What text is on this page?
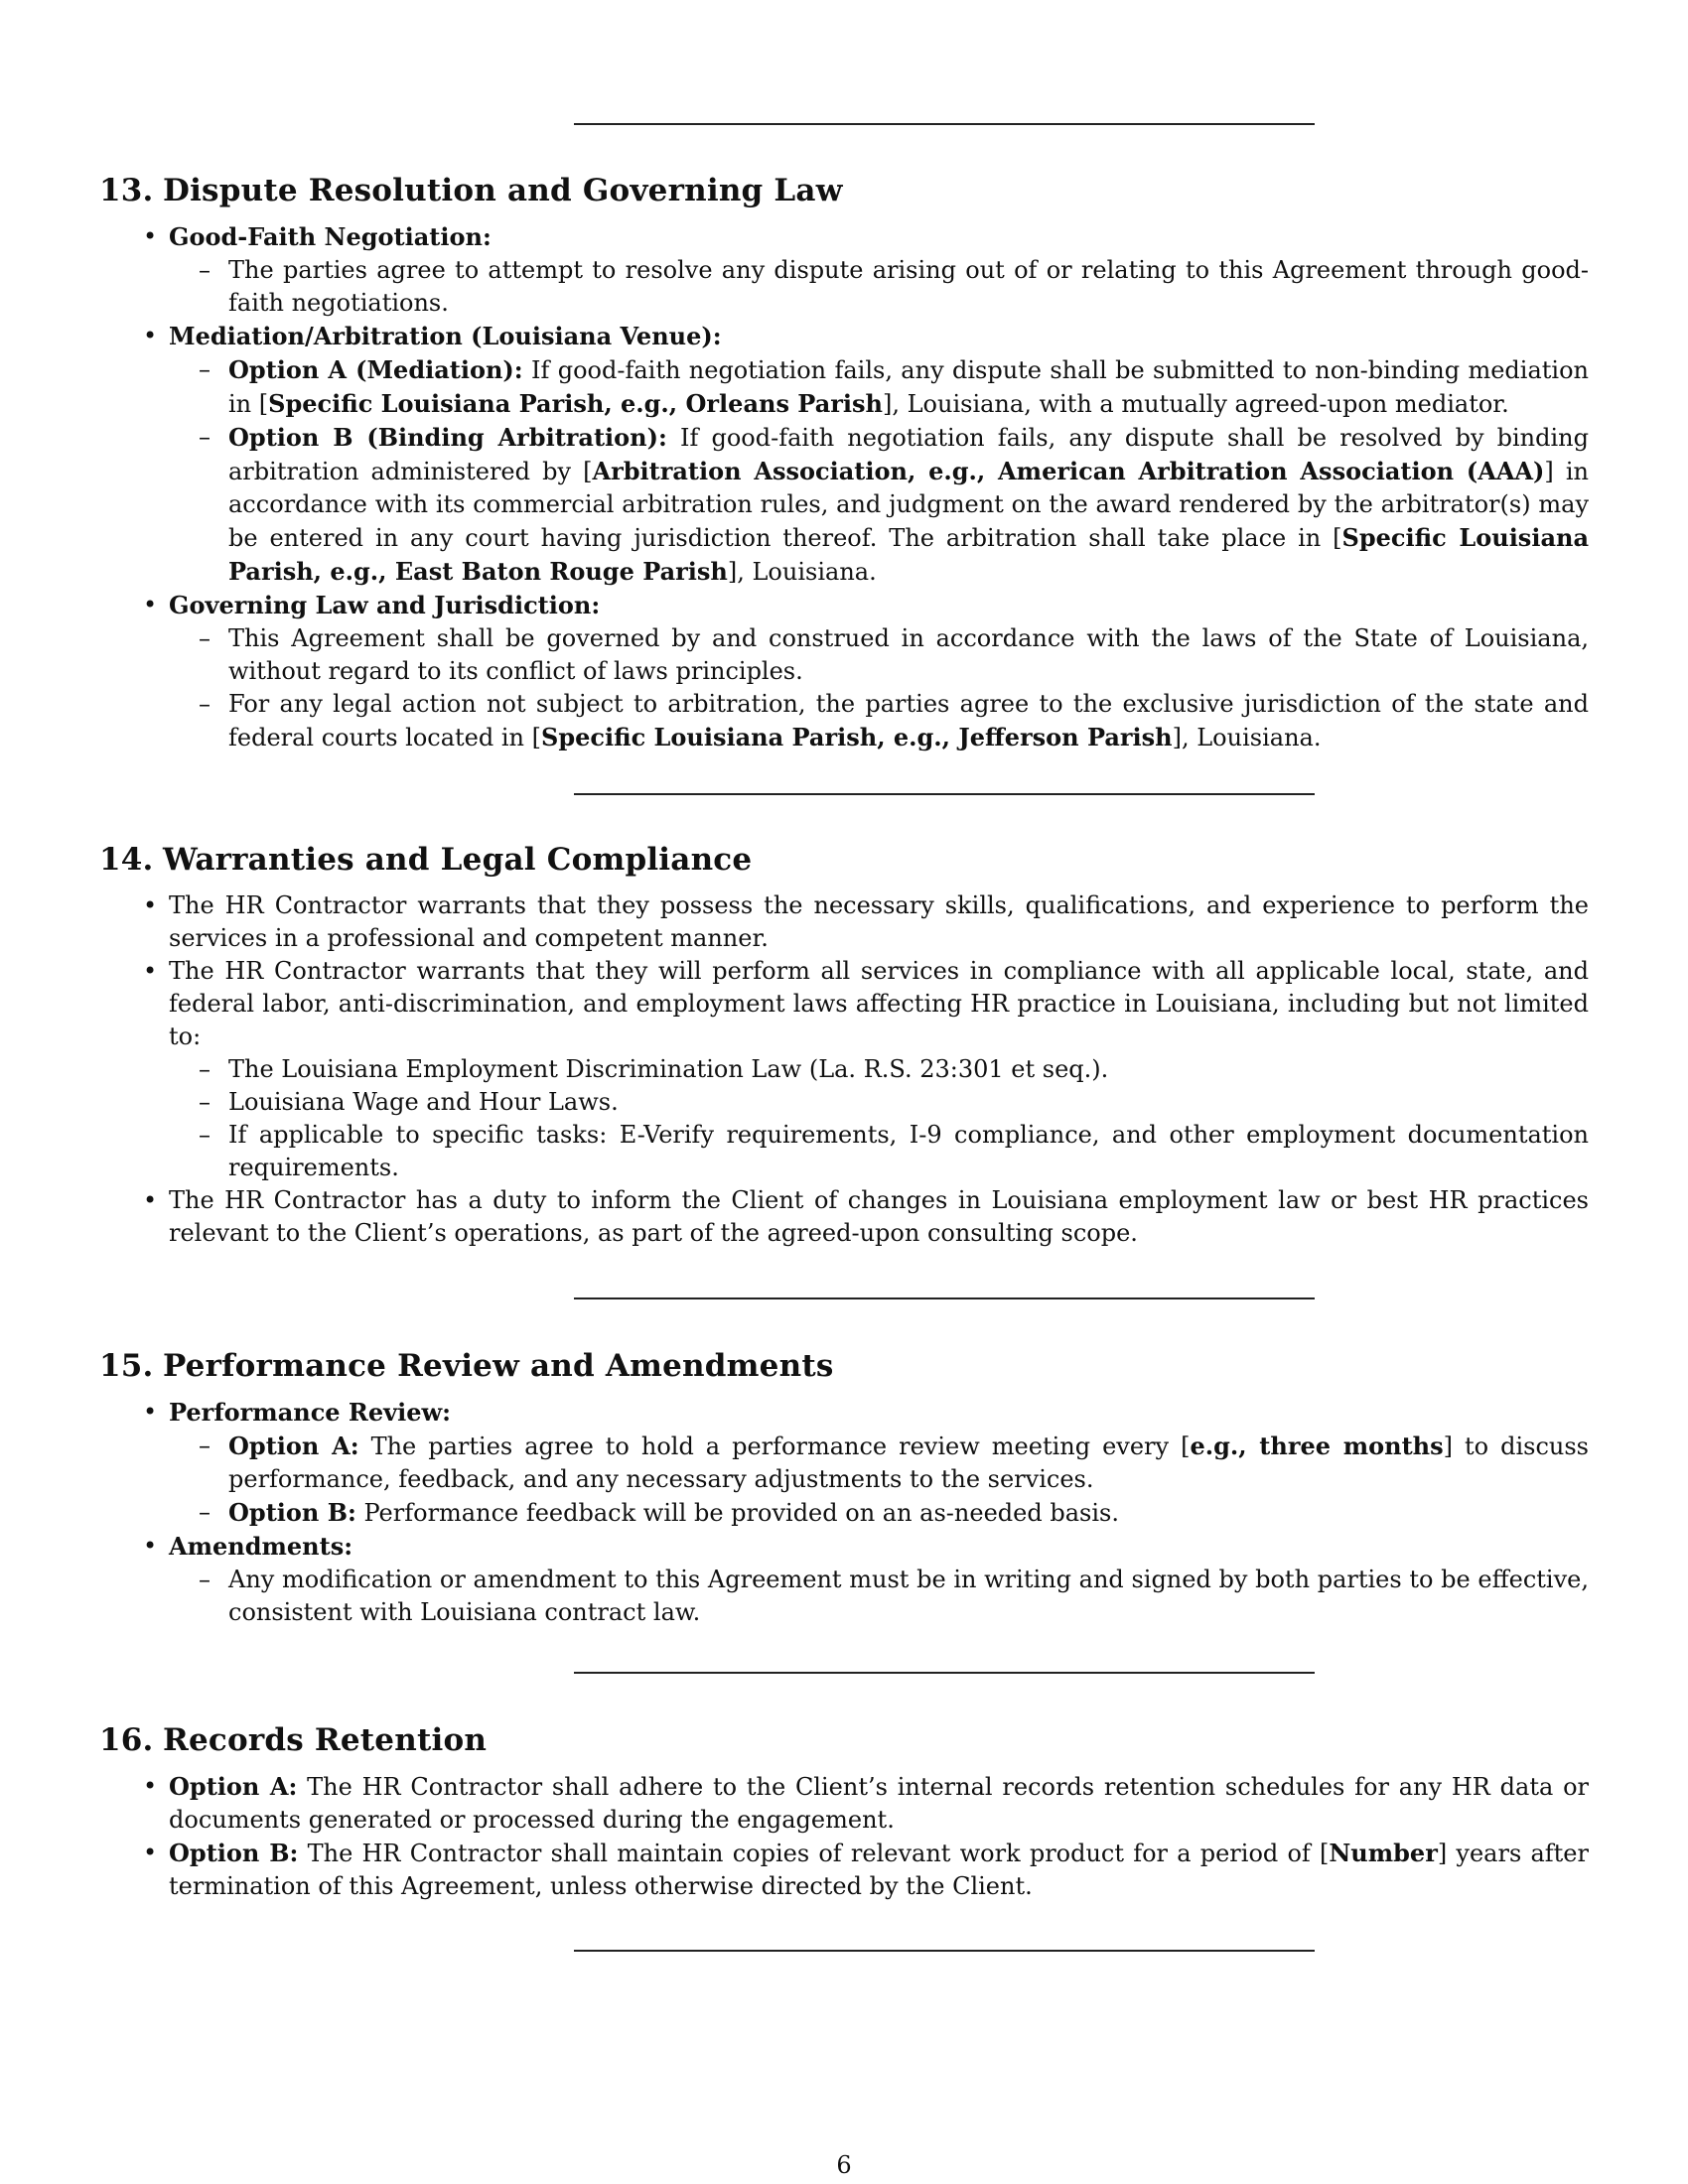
13. Dispute Resolution and Governing Law
• Good-Faith Negotiation:
– The parties agree to attempt to resolve any dispute arising out of or relating to this Agreement through good-faith negotiations.
• Mediation/Arbitration (Louisiana Venue):
– Option A (Mediation): If good-faith negotiation fails, any dispute shall be submitted to non-binding mediation in [Specific Louisiana Parish, e.g., Orleans Parish], Louisiana, with a mutually agreed-upon mediator.
– Option B (Binding Arbitration): If good-faith negotiation fails, any dispute shall be resolved by binding arbitration administered by [Arbitration Association, e.g., American Arbitration Association (AAA)] in accordance with its commercial arbitration rules, and judgment on the award rendered by the arbitrator(s) may be entered in any court having jurisdiction thereof. The arbitration shall take place in [Specific Louisiana Parish, e.g., East Baton Rouge Parish], Louisiana.
• Governing Law and Jurisdiction:
– This Agreement shall be governed by and construed in accordance with the laws of the State of Louisiana, without regard to its conflict of laws principles.
– For any legal action not subject to arbitration, the parties agree to the exclusive jurisdiction of the state and federal courts located in [Specific Louisiana Parish, e.g., Jefferson Parish], Louisiana.
14. Warranties and Legal Compliance
• The HR Contractor warrants that they possess the necessary skills, qualifications, and experience to perform the services in a professional and competent manner.
• The HR Contractor warrants that they will perform all services in compliance with all applicable local, state, and federal labor, anti-discrimination, and employment laws affecting HR practice in Louisiana, including but not limited to:
– The Louisiana Employment Discrimination Law (La. R.S. 23:301 et seq.).
– Louisiana Wage and Hour Laws.
– If applicable to specific tasks: E-Verify requirements, I-9 compliance, and other employment documentation requirements.
• The HR Contractor has a duty to inform the Client of changes in Louisiana employment law or best HR practices relevant to the Client’s operations, as part of the agreed-upon consulting scope.
15. Performance Review and Amendments
• Performance Review:
– Option A: The parties agree to hold a performance review meeting every [e.g., three months] to discuss performance, feedback, and any necessary adjustments to the services.
– Option B: Performance feedback will be provided on an as-needed basis.
• Amendments:
– Any modification or amendment to this Agreement must be in writing and signed by both parties to be effective, consistent with Louisiana contract law.
16. Records Retention
• Option A: The HR Contractor shall adhere to the Client’s internal records retention schedules for any HR data or documents generated or processed during the engagement.
• Option B: The HR Contractor shall maintain copies of relevant work product for a period of [Number] years after termination of this Agreement, unless otherwise directed by the Client.
6
